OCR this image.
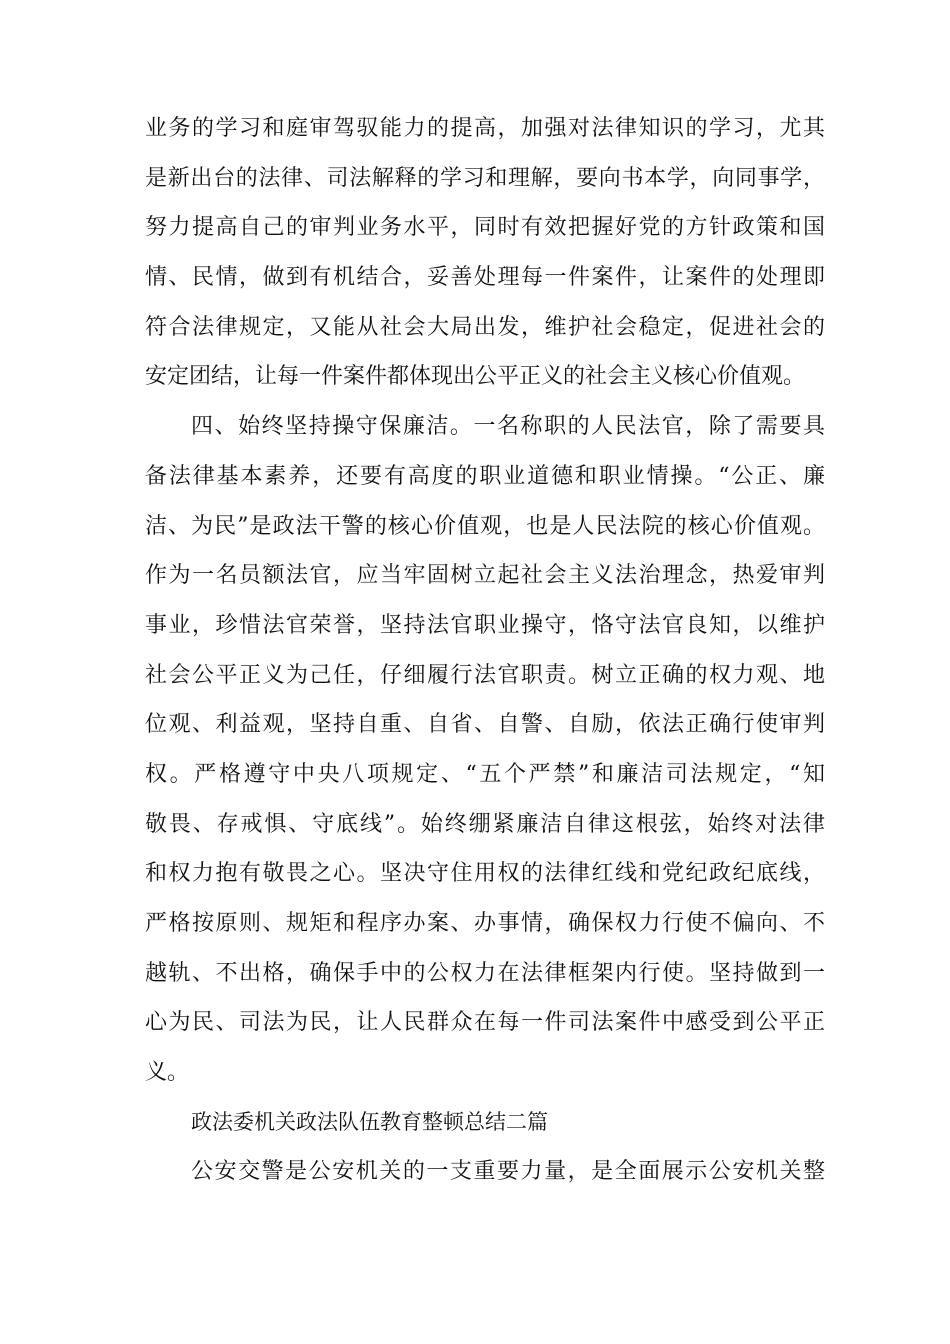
业务的学习和庭审驾驭能力的提高，加强对法律知识的学习，尤其
是新出台的法律、司法解释的学习和理解，要向书本学，向同事学，
努力提高自己的审判业务水平，同时有效把握好党的方针政策和国
情、民情，做到有机结合，妥善处理每一件案件，让案件的处理即
符合法律规定，又能从社会大局出发，维护社会稳定，促进社会的
安定团结，让每一件案件都体现出公平正义的社会主义核心价值观。
四、始终坚持操守保廉洁。一名称职的人民法官，除了需要具
备法律基本素养，还要有高度的职业道德和职业情操。“公正、廉
洁、为民”是政法干警的核心价值观，也是人民法院的核心价值观。
作为一名员额法官，应当牢固树立起社会主义法治理念，热爱审判
事业，珍惜法官荣誉，坚持法官职业操守，恪守法官良知，以维护
社会公平正义为己任，仔细履行法官职责。树立正确的权力观、地
位观、利益观，坚持自重、自省、自警、自励，依法正确行使审判
权。严格遵守中央八项规定、“五个严禁”和廉洁司法规定，“知
敬畏、存戒惧、守底线”。始终绷紧廉洁自律这根弦，始终对法律
和权力抱有敬畏之心。坚决守住用权的法律红线和党纪政纪底线，
严格按原则、规矩和程序办案、办事情，确保权力行使不偏向、不
越轨、不出格，确保手中的公权力在法律框架内行使。坚持做到一
心为民、司法为民，让人民群众在每一件司法案件中感受到公平正
义。
政法委机关政法队伍教育整顿总结二篇
公安交警是公安机关的一支重要力量，是全面展示公安机关整
